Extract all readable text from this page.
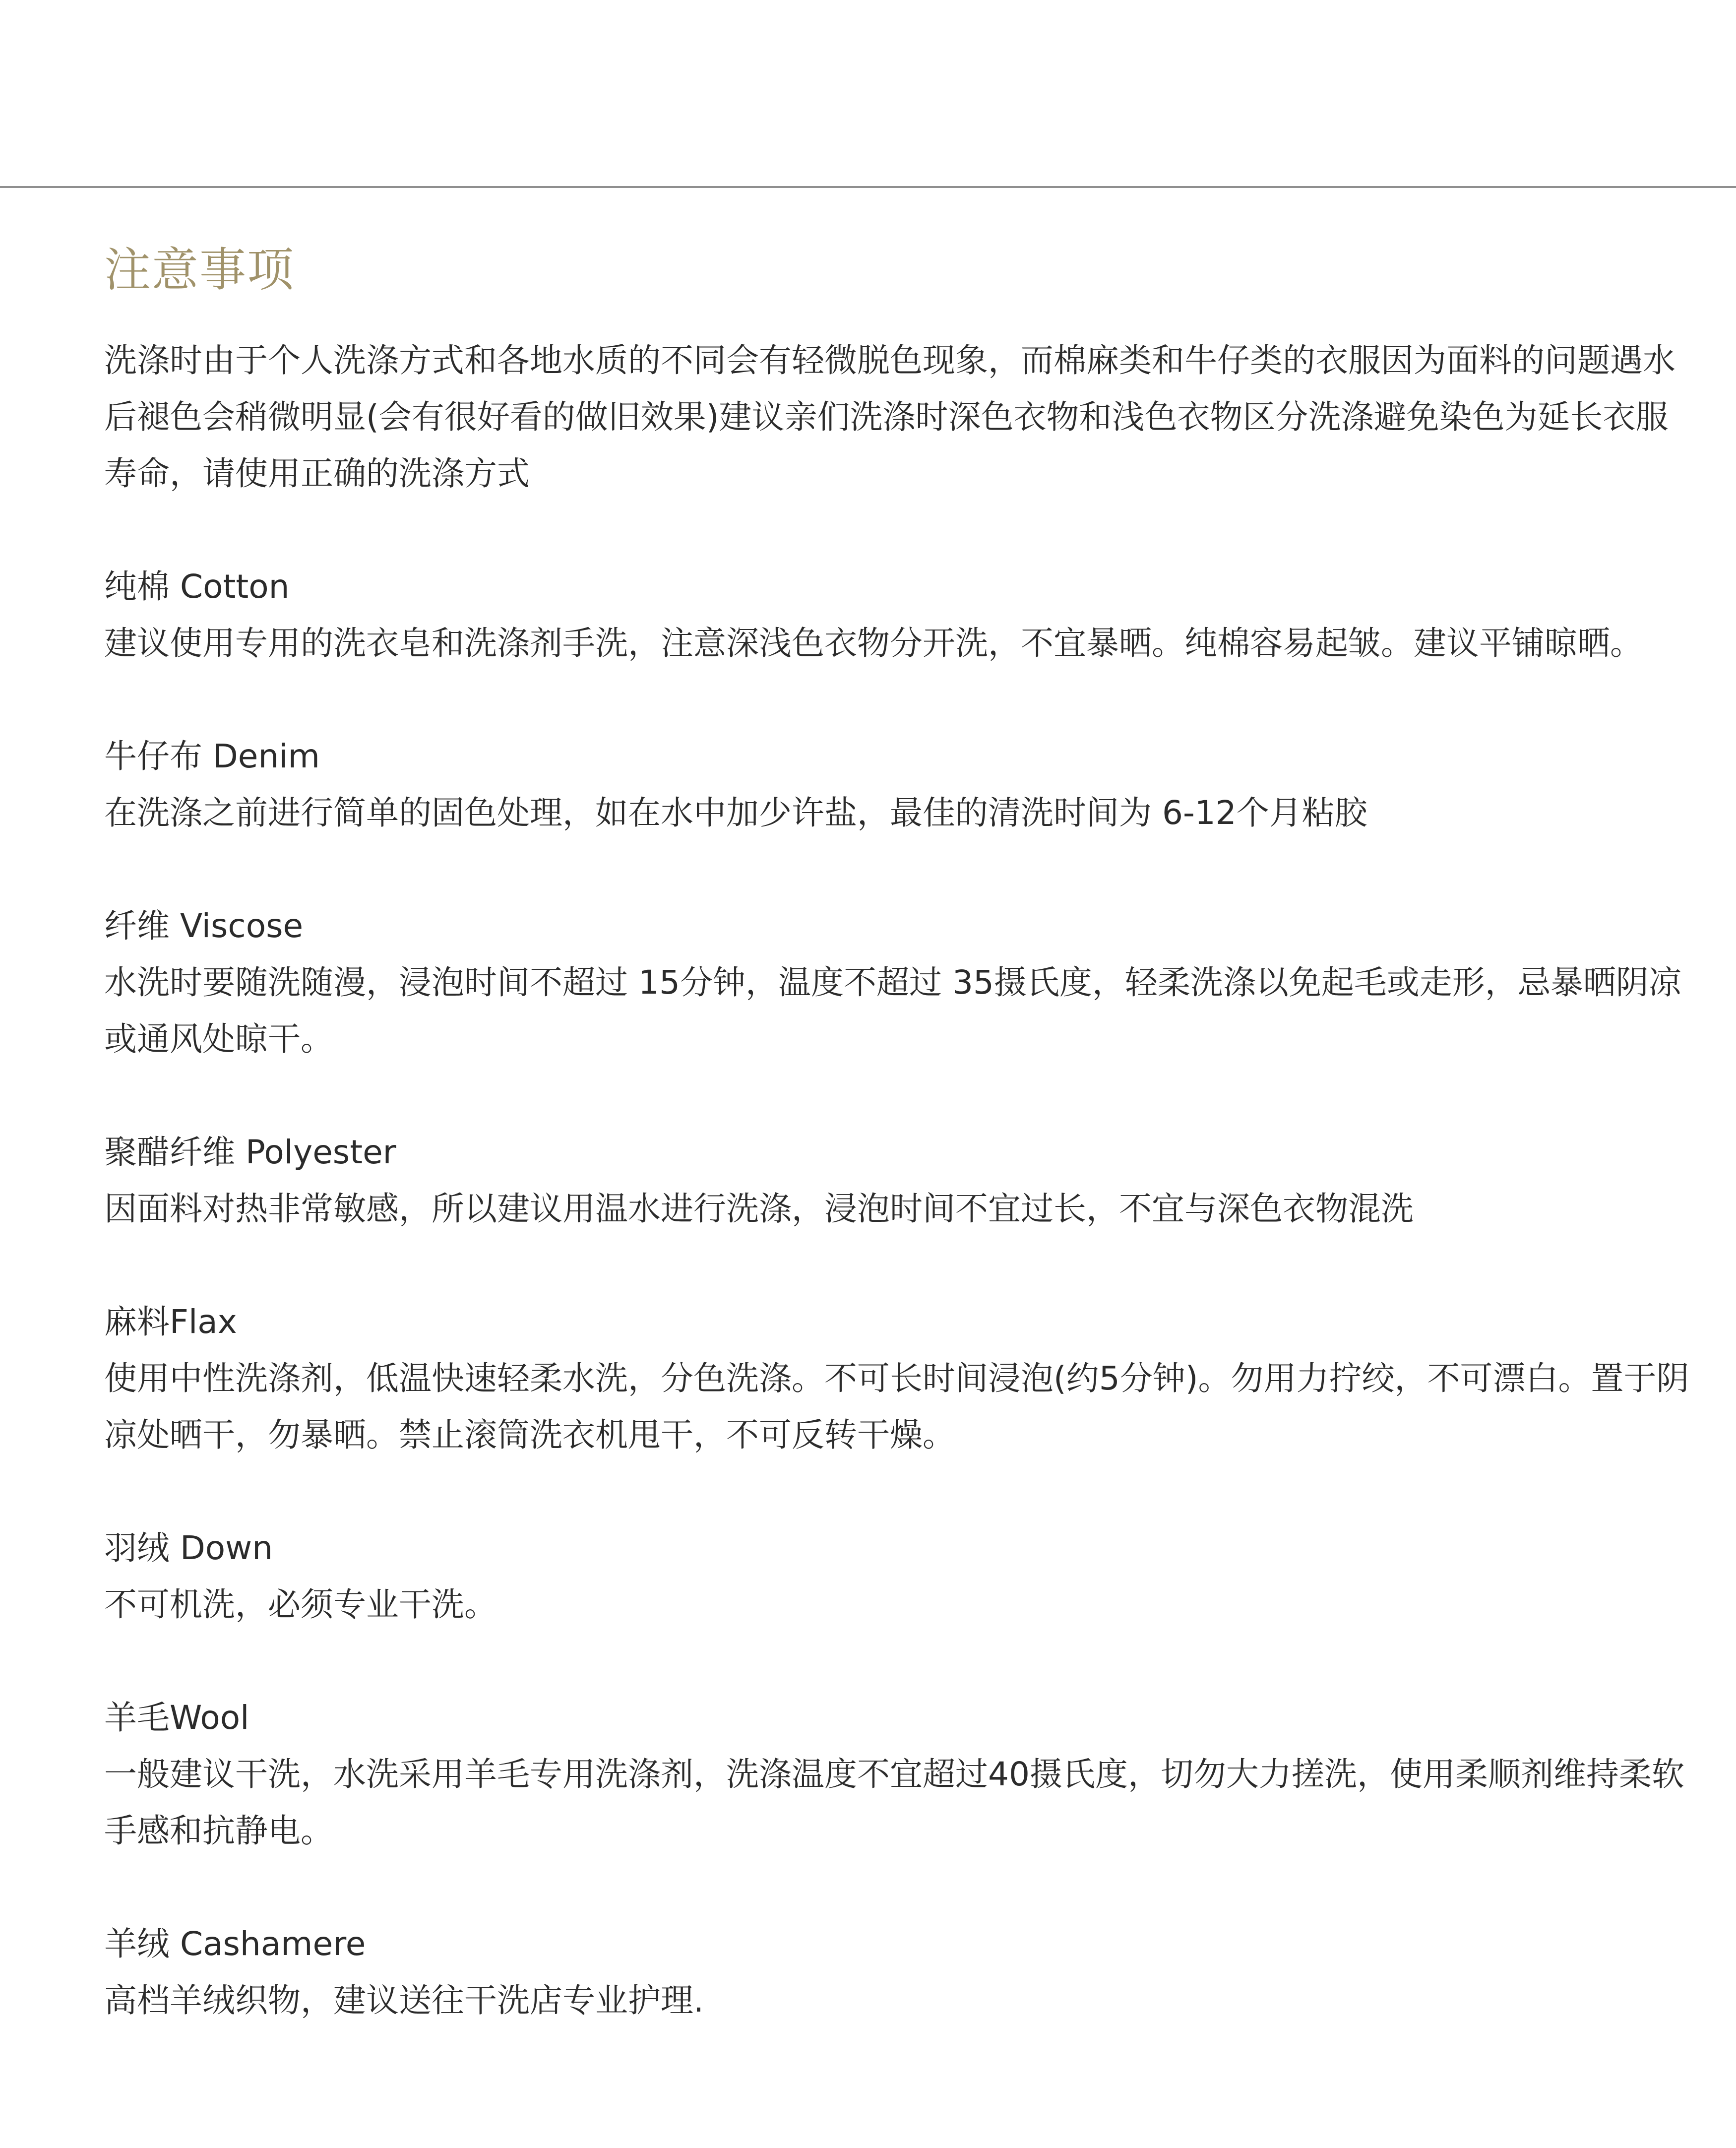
注意事项

洗涤时由于个人洗涤方式和各地水质的不同会有轻微脱色现象，而棉麻类和牛仔类的衣服因为面料的问题遇水后褪色会稍微明显(会有很好看的做旧效果)建议亲们洗涤时深色衣物和浅色衣物区分洗涤避免染色为延长衣服寿命，请使用正确的洗涤方式

纯棉 Cotton

建议使用专用的洗衣皂和洗涤剂手洗，注意深浅色衣物分开洗，不宜暴晒。纯棉容易起皱。建议平铺晾晒。

牛仔布 Denim

在洗涤之前进行简单的固色处理，如在水中加少许盐，最佳的清洗时间为 6-12个月粘胶

纤维 Viscose

水洗时要随洗随漫，浸泡时间不超过 15分钟，温度不超过 35摄氏度，轻柔洗涤以免起毛或走形，忌暴晒阴凉或通风处晾干。

聚醋纤维 Polyester

因面料对热非常敏感，所以建议用温水进行洗涤，浸泡时间不宜过长，不宜与深色衣物混洗

麻料Flax

使用中性洗涤剂，低温快速轻柔水洗，分色洗涤。不可长时间浸泡(约5分钟)。勿用力拧绞，不可漂白。置于阴凉处晒干，勿暴晒。禁止滚筒洗衣机甩干，不可反转干燥。

羽绒 Down

不可机洗，必须专业干洗。

羊毛Wool

一般建议干洗，水洗采用羊毛专用洗涤剂，洗涤温度不宜超过40摄氏度，切勿大力搓洗，使用柔顺剂维持柔软手感和抗静电。

羊绒 Cashamere

高档羊绒织物，建议送往干洗店专业护理.
